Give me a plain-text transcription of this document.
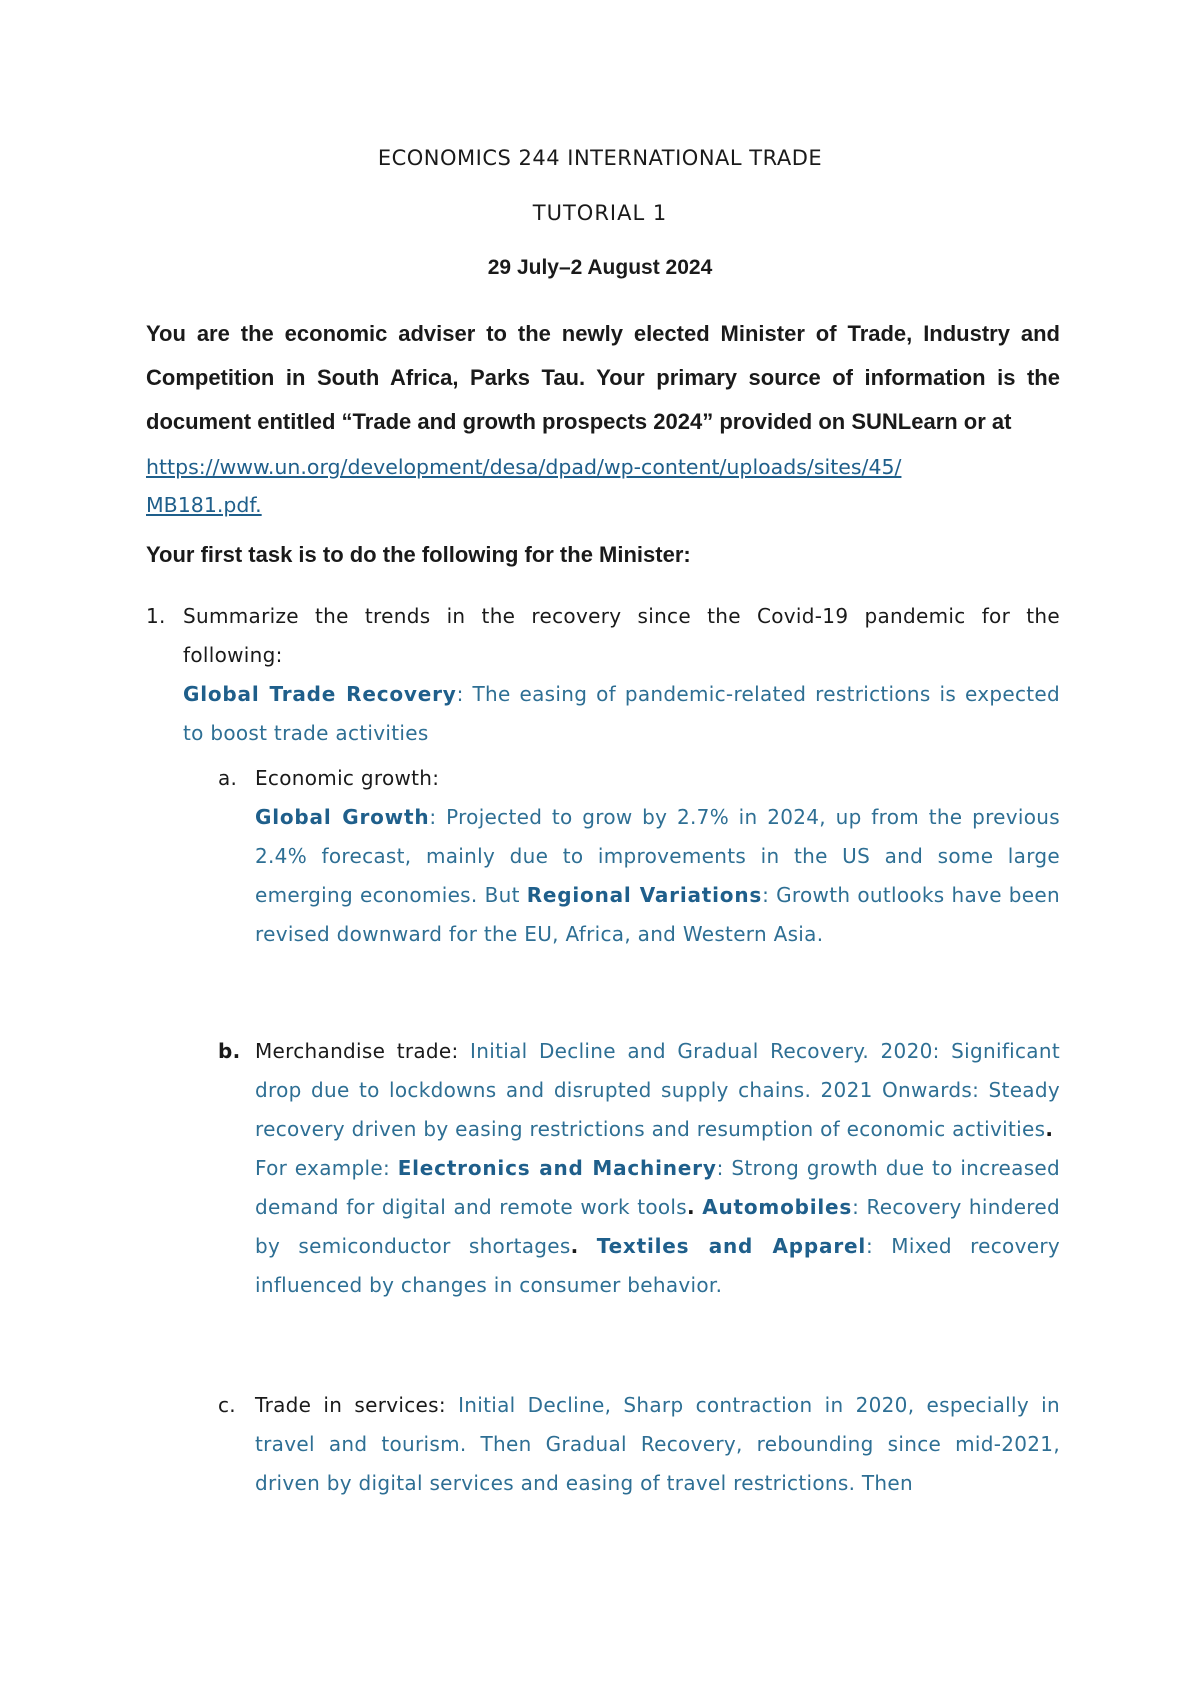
ECONOMICS 244 INTERNATIONAL TRADE
TUTORIAL 1
29 July–2 August 2024
You are the economic adviser to the newly elected Minister of Trade, Industry and Competition in South Africa, Parks Tau. Your primary source of information is the document entitled “Trade and growth prospects 2024” provided on SUNLearn or at
https://www.un.org/development/desa/dpad/wp-content/uploads/sites/45/
MB181.pdf.
Your first task is to do the following for the Minister:
1. Summarize the trends in the recovery since the Covid-19 pandemic for the following:
Global Trade Recovery: The easing of pandemic-related restrictions is expected to boost trade activities
a. Economic growth:
Global Growth: Projected to grow by 2.7% in 2024, up from the previous 2.4% forecast, mainly due to improvements in the US and some large emerging economies. But Regional Variations: Growth outlooks have been revised downward for the EU, Africa, and Western Asia.
b. Merchandise trade: Initial Decline and Gradual Recovery. 2020: Significant drop due to lockdowns and disrupted supply chains. 2021 Onwards: Steady recovery driven by easing restrictions and resumption of economic activities.
For example: Electronics and Machinery: Strong growth due to increased demand for digital and remote work tools. Automobiles: Recovery hindered by semiconductor shortages. Textiles and Apparel: Mixed recovery influenced by changes in consumer behavior.
c. Trade in services: Initial Decline, Sharp contraction in 2020, especially in travel and tourism. Then Gradual Recovery, rebounding since mid-2021, driven by digital services and easing of travel restrictions. Then
